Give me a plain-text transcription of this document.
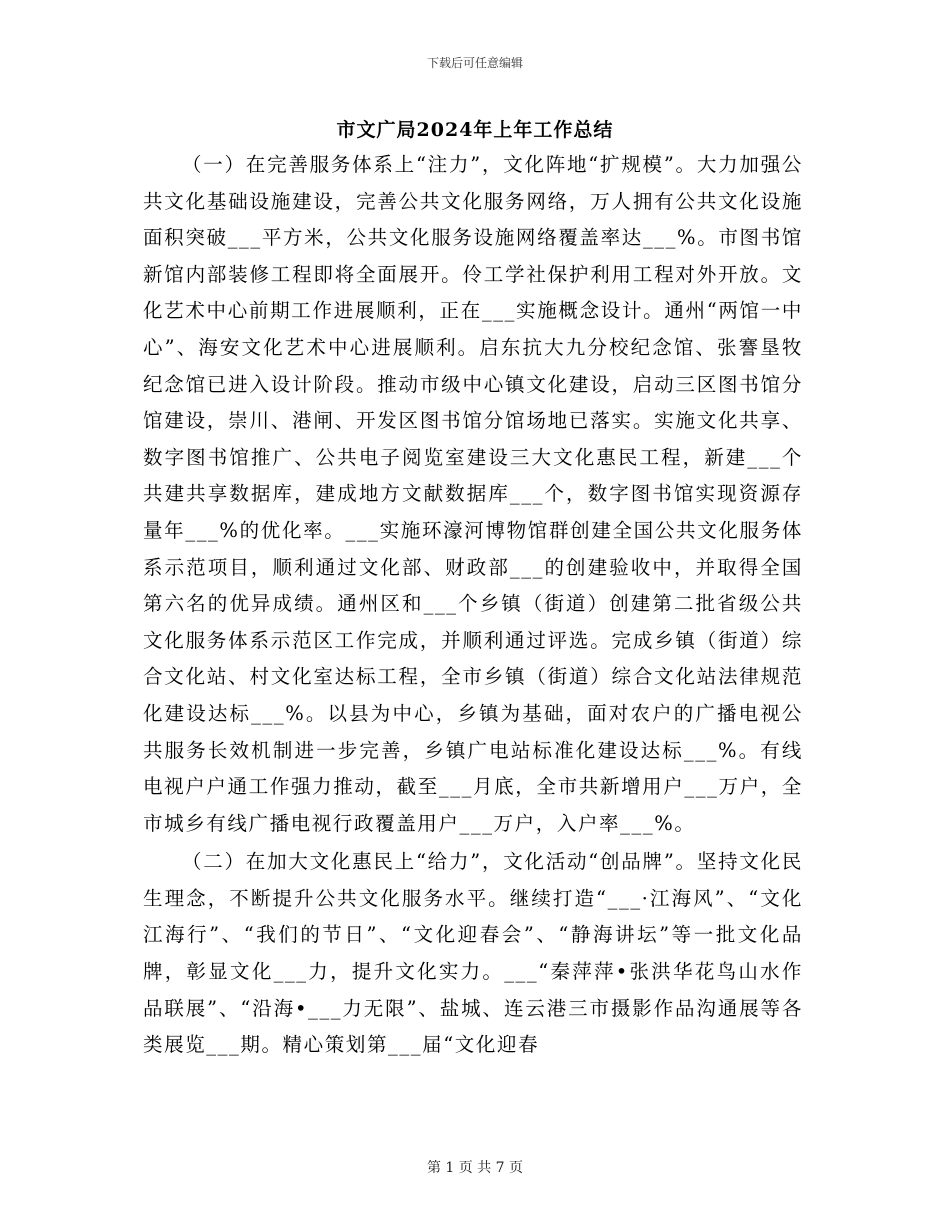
下载后可任意编辑
市文广局2024年上年工作总结

（一）在完善服务体系上“注力”，文化阵地“扩规模”。大力加强公共文化基础设施建设，完善公共文化服务网络，万人拥有公共文化设施面积突破___平方米，公共文化服务设施网络覆盖率达___%。市图书馆新馆内部装修工程即将全面展开。伶工学社保护利用工程对外开放。文化艺术中心前期工作进展顺利，正在___实施概念设计。通州“两馆一中心”、海安文化艺术中心进展顺利。启东抗大九分校纪念馆、张謇垦牧纪念馆已进入设计阶段。推动市级中心镇文化建设，启动三区图书馆分馆建设，崇川、港闸、开发区图书馆分馆场地已落实。实施文化共享、数字图书馆推广、公共电子阅览室建设三大文化惠民工程，新建___个共建共享数据库，建成地方文献数据库___个，数字图书馆实现资源存量年___%的优化率。___实施环濠河博物馆群创建全国公共文化服务体系示范项目，顺利通过文化部、财政部___的创建验收中，并取得全国第六名的优异成绩。通州区和___个乡镇（街道）创建第二批省级公共文化服务体系示范区工作完成，并顺利通过评选。完成乡镇（街道）综合文化站、村文化室达标工程，全市乡镇（街道）综合文化站法律规范化建设达标___%。以县为中心，乡镇为基础，面对农户的广播电视公共服务长效机制进一步完善，乡镇广电站标准化建设达标___%。有线电视户户通工作强力推动，截至___月底，全市共新增用户___万户，全市城乡有线广播电视行政覆盖用户___万户，入户率___%。

（二）在加大文化惠民上“给力”，文化活动“创品牌”。坚持文化民生理念，不断提升公共文化服务水平。继续打造“___·江海风”、“文化江海行”、“我们的节日”、“文化迎春会”、“静海讲坛”等一批文化品牌，彰显文化___力，提升文化实力。___“秦萍萍•张洪华花鸟山水作品联展”、“沿海•___力无限”、盐城、连云港三市摄影作品沟通展等各类展览___期。精心策划第___届“文化迎春

第 1 页 共 7 页
